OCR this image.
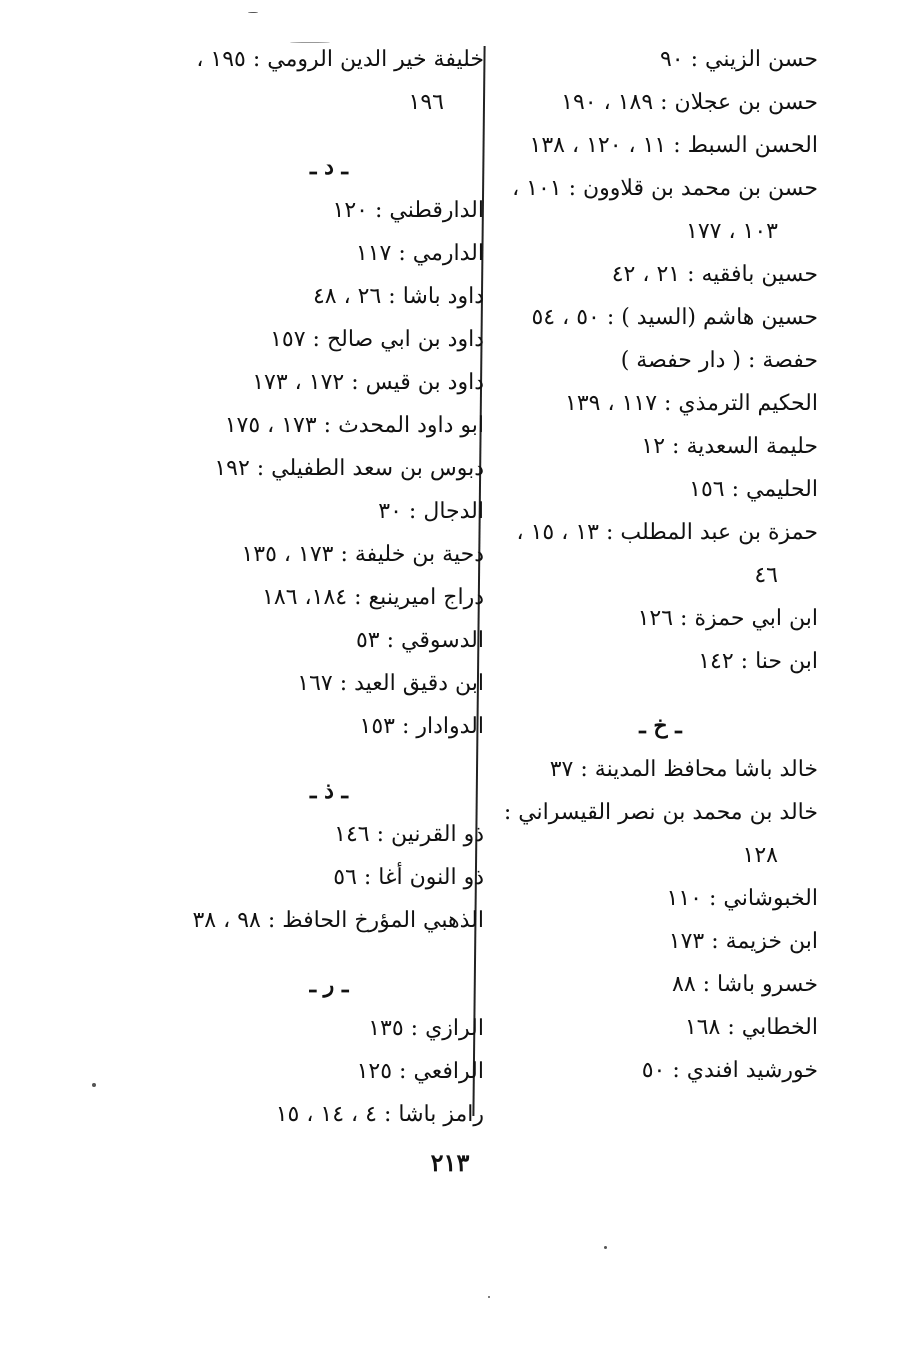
حسن الزيني : ٩٠
حسن بن عجلان : ١٨٩ ، ١٩٠
الحسن السبط : ١١ ، ١٢٠ ، ١٣٨
حسن بن محمد بن قلاوون : ١٠١ ،
١٠٣ ، ١٧٧
حسين بافقيه : ٢١ ، ٤٢
حسين هاشم (السيد ) : ٥٠ ، ٥٤
حفصة : ( دار حفصة )
الحكيم الترمذي : ١١٧ ، ١٣٩
حليمة السعدية : ١٢
الحليمي : ١٥٦
حمزة بن عبد المطلب : ١٣ ، ١٥ ،
٤٦
ابن ابي حمزة : ١٢٦
ابن حنا : ١٤٢
ـ خ ـ
خالد باشا محافظ المدينة : ٣٧
خالد بن محمد بن نصر القيسراني :
١٢٨
الخبوشاني : ١١٠
ابن خزيمة : ١٧٣
خسرو باشا : ٨٨
الخطابي : ١٦٨
خورشيد افندي : ٥٠
خليفة خير الدين الرومي : ١٩٥ ،
١٩٦
ـ د ـ
الدارقطني : ١٢٠
الدارمي : ١١٧
داود باشا : ٢٦ ، ٤٨
داود بن ابي صالح : ١٥٧
داود بن قيس : ١٧٢ ، ١٧٣
ابو داود المحدث : ١٧٣ ، ١٧٥
دبوس بن سعد الطفيلي : ١٩٢
الدجال : ٣٠
دحية بن خليفة : ١٧٣ ، ١٣٥
دراج اميرينبع : ١٨٤، ١٨٦
الدسوقي : ٥٣
ابن دقيق العيد : ١٦٧
الدوادار : ١٥٣
ـ ذ ـ
ذو القرنين : ١٤٦
ذو النون أغا : ٥٦
الذهبي المؤرخ الحافظ : ٩٨ ، ٣٨
ـ ر ـ
الرازي : ١٣٥
الرافعي : ١٢٥
رامز باشا : ٤ ، ١٤ ، ١٥
٢١٣
